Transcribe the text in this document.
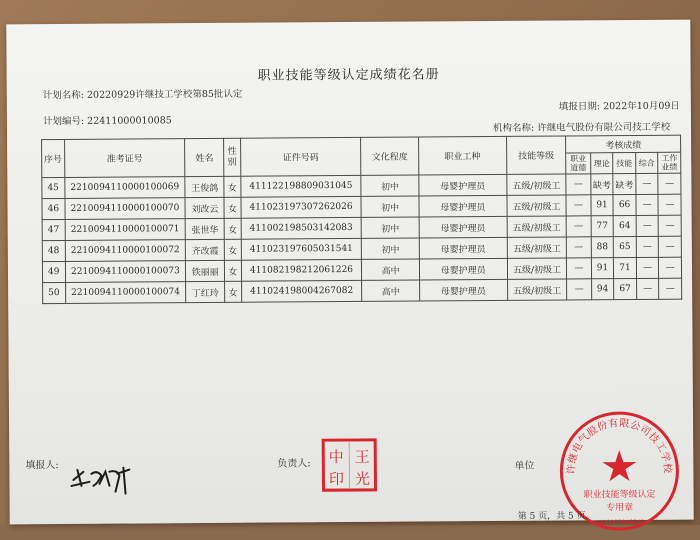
职业技能等级认定成绩花名册
计划名称: 20220929许继技工学校第85批认定
填报日期: 2022年10月09日
计划编号: 22411000010085
机构名称: 许继电气股份有限公司技工学校
序号	准考证号	姓名	性别	证件号码	文化程度	职业工种	技能等级	考核成绩				
								职业道德	理论	技能	综合	工作业绩
45	2210094110000100069	王俊鸽	女	411122198809031045	初中	母婴护理员	五级/初级工	—	缺考	缺考	—	—
46	2210094110000100070	刘改云	女	411023197307262026	初中	母婴护理员	五级/初级工	—	91	66	—	—
47	2210094110000100071	张世华	女	411002198503142083	初中	母婴护理员	五级/初级工	—	77	64	—	—
48	2210094110000100072	齐改霞	女	411023197605031541	初中	母婴护理员	五级/初级工	—	88	65	—	—
49	2210094110000100073	铁丽丽	女	411082198212061226	高中	母婴护理员	五级/初级工	—	91	71	—	—
50	2210094110000100074	丁红玲	女	411024198004267082	高中	母婴护理员	五级/初级工	—	94	67	—	—
填报人:	负责人: 中 王
印 光
单位	许继电气股份有限公司技工学校
职业技能等级认定
专用章
4110007048041
第 5 页，共 5 页。
